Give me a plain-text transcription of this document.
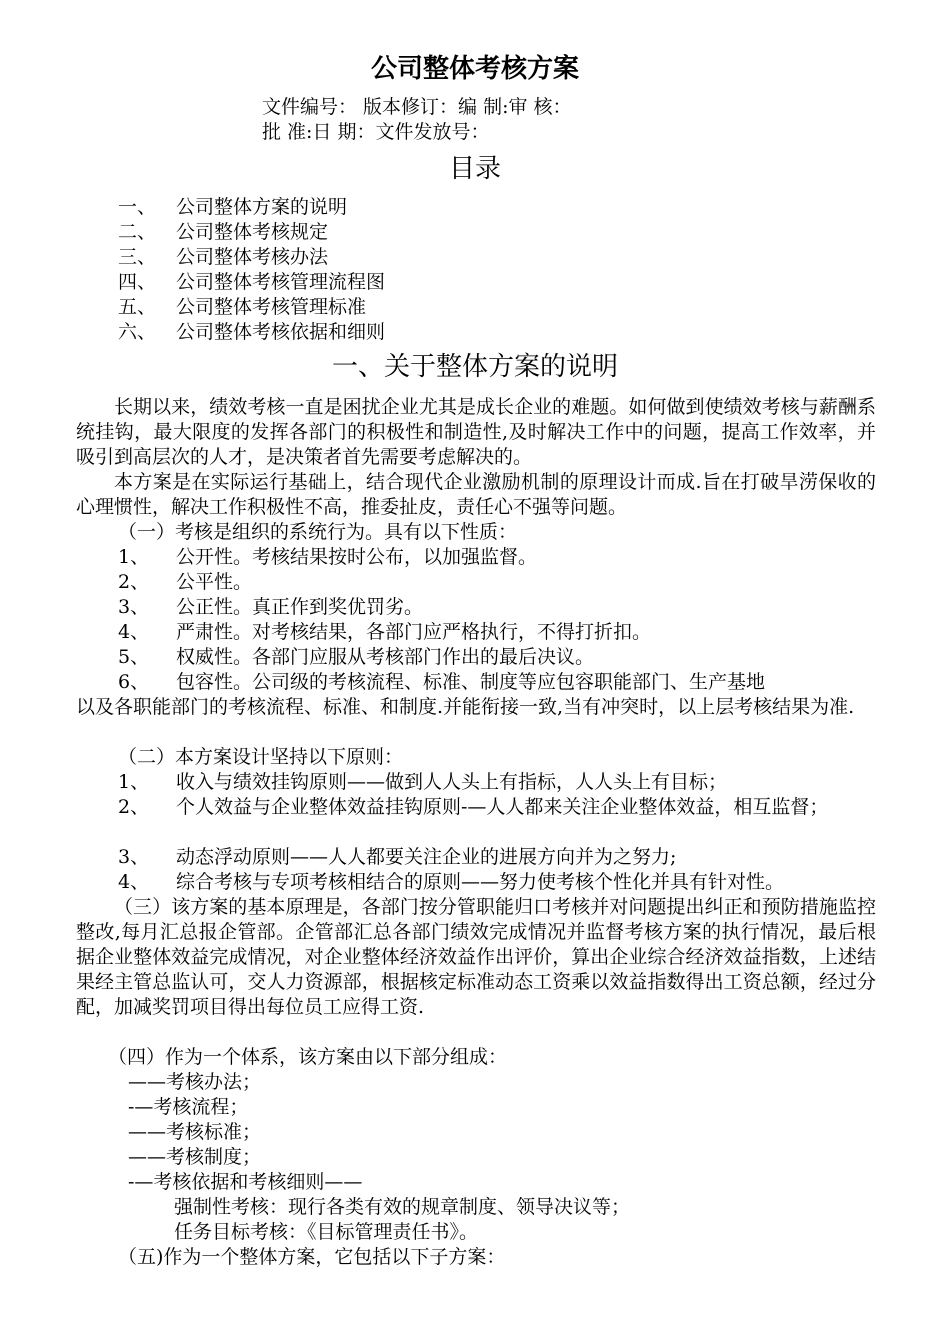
公司整体考核方案
文件编号： 版本修订：编 制:审 核：
批 准:日 期：文件发放号：
目录
一、 公司整体方案的说明
二、 公司整体考核规定
三、 公司整体考核办法
四、 公司整体考核管理流程图
五、 公司整体考核管理标准
六、 公司整体考核依据和细则
一、关于整体方案的说明
长期以来，绩效考核一直是困扰企业尤其是成长企业的难题。如何做到使绩效考核与薪酬系统挂钩，最大限度的发挥各部门的积极性和制造性,及时解决工作中的问题，提高工作效率，并吸引到高层次的人才，是决策者首先需要考虑解决的。
本方案是在实际运行基础上，结合现代企业激励机制的原理设计而成.旨在打破旱涝保收的心理惯性，解决工作积极性不高，推委扯皮，责任心不强等问题。
（一）考核是组织的系统行为。具有以下性质：
1、 公开性。考核结果按时公布，以加强监督。
2、 公平性。
3、 公正性。真正作到奖优罚劣。
4、 严肃性。对考核结果，各部门应严格执行，不得打折扣。
5、 权威性。各部门应服从考核部门作出的最后决议。
6、 包容性。公司级的考核流程、标准、制度等应包容职能部门、生产基地
以及各职能部门的考核流程、标准、和制度.并能衔接一致,当有冲突时，以上层考核结果为准.
（二）本方案设计坚持以下原则：
1、 收入与绩效挂钩原则——做到人人头上有指标，人人头上有目标；
2、 个人效益与企业整体效益挂钩原则-—人人都来关注企业整体效益，相互监督；
3、 动态浮动原则——人人都要关注企业的进展方向并为之努力;
4、 综合考核与专项考核相结合的原则——努力使考核个性化并具有针对性。
（三）该方案的基本原理是，各部门按分管职能归口考核并对问题提出纠正和预防措施监控整改,每月汇总报企管部。企管部汇总各部门绩效完成情况并监督考核方案的执行情况，最后根据企业整体效益完成情况，对企业整体经济效益作出评价，算出企业综合经济效益指数，上述结果经主管总监认可，交人力资源部，根据核定标准动态工资乘以效益指数得出工资总额，经过分配，加减奖罚项目得出每位员工应得工资.
（四）作为一个体系，该方案由以下部分组成：
——考核办法；
-—考核流程；
——考核标准；
——考核制度；
-—考核依据和考核细则——
强制性考核：现行各类有效的规章制度、领导决议等；
任务目标考核：《目标管理责任书》。
（五)作为一个整体方案，它包括以下子方案：
